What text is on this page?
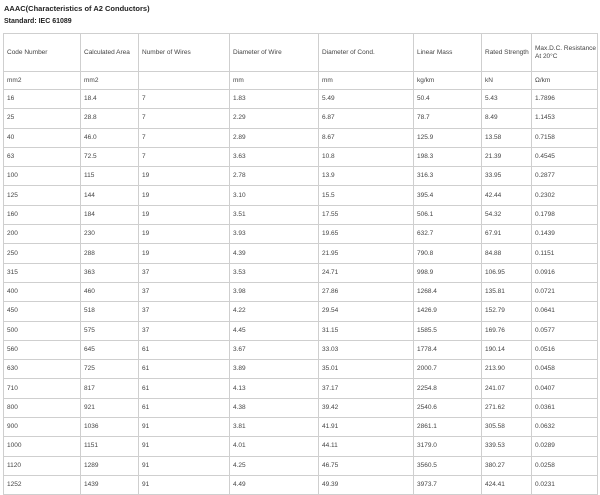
AAAC(Characteristics of A2 Conductors)
Standard: IEC 61089
Code Number	Calculated Area	Number of Wires	Diameter of Wire	Diameter of Cond.	Linear Mass	Rated Strength	Max.D.C. Resistance At 20°C
mm2	mm2		mm	mm	kg/km	kN	Ω/km
16	18.4	7	1.83	5.49	50.4	5.43	1.7896
25	28.8	7	2.29	6.87	78.7	8.49	1.1453
40	46.0	7	2.89	8.67	125.9	13.58	0.7158
63	72.5	7	3.63	10.8	198.3	21.39	0.4545
100	115	19	2.78	13.9	316.3	33.95	0.2877
125	144	19	3.10	15.5	395.4	42.44	0.2302
160	184	19	3.51	17.55	506.1	54.32	0.1798
200	230	19	3.93	19.65	632.7	67.91	0.1439
250	288	19	4.39	21.95	790.8	84.88	0.1151
315	363	37	3.53	24.71	998.9	106.95	0.0916
400	460	37	3.98	27.86	1268.4	135.81	0.0721
450	518	37	4.22	29.54	1426.9	152.79	0.0641
500	575	37	4.45	31.15	1585.5	169.76	0.0577
560	645	61	3.67	33.03	1778.4	190.14	0.0516
630	725	61	3.89	35.01	2000.7	213.90	0.0458
710	817	61	4.13	37.17	2254.8	241.07	0.0407
800	921	61	4.38	39.42	2540.6	271.62	0.0361
900	1036	91	3.81	41.91	2861.1	305.58	0.0632
1000	1151	91	4.01	44.11	3179.0	339.53	0.0289
1120	1289	91	4.25	46.75	3560.5	380.27	0.0258
1252	1439	91	4.49	49.39	3973.7	424.41	0.0231
